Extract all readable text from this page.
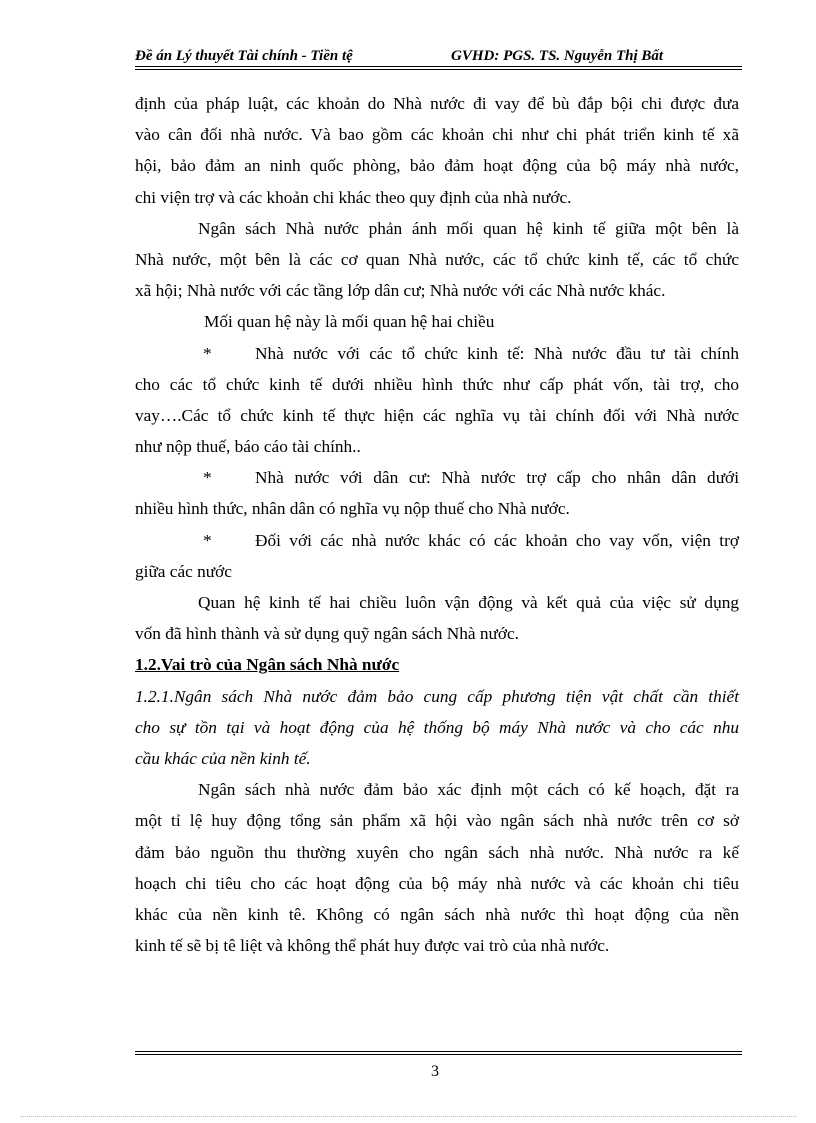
Đề án Lý thuyết Tài chính - Tiền tệ	GVHD: PGS. TS. Nguyễn Thị Bất
định của pháp luật, các khoản do Nhà nước đi vay để bù đắp bội chi được đưa
vào cân đối nhà nước. Và bao gồm các khoản chi như chi phát triển kinh tế xã
hội, bảo đảm an ninh quốc phòng, bảo đảm hoạt động của bộ máy nhà nước,
chi viện trợ và các khoản chi khác theo quy định của nhà nước.
Ngân sách Nhà nước phản ánh mối quan hệ kinh tế giữa một bên là
Nhà nước, một bên là các cơ quan Nhà nước, các tổ chức kinh tế, các tổ chức
xã hội; Nhà nước với các tầng lớp dân cư; Nhà nước với các Nhà nước khác.
Mối quan hệ này là mối quan hệ hai chiều
*	Nhà nước với các tổ chức kinh tế: Nhà nước đầu tư tài chính
cho các tổ chức kinh tế dưới nhiều hình thức như cấp phát vốn, tài trợ, cho
vay….Các tổ chức kinh tế thực hiện các nghĩa vụ tài chính đối với Nhà nước
như nộp thuế, báo cáo tài chính..
*	Nhà nước với dân cư: Nhà nước trợ cấp cho nhân dân dưới
nhiều hình thức, nhân dân có nghĩa vụ nộp thuế cho Nhà nước.
*	Đối với các nhà nước khác có các khoản cho vay vốn, viện trợ
giữa các nước
Quan hệ kinh tế hai chiều luôn vận động và kết quả của việc sử dụng
vốn đã hình thành và sử dụng quỹ ngân sách Nhà nước.
1.2.Vai trò của Ngân sách Nhà nước
1.2.1.Ngân sách Nhà nước đảm bảo cung cấp phương tiện vật chất cần thiết
cho sự tồn tại và hoạt động của hệ thống bộ máy Nhà nước và cho các nhu
cầu khác của nền kinh tế.
Ngân sách nhà nước đảm bảo xác định một cách có kế hoạch, đặt ra
một tỉ lệ huy động tổng sản phẩm xã hội vào ngân sách nhà nước trên cơ sở
đảm bảo nguồn thu thường xuyên cho ngân sách nhà nước. Nhà nước ra kế
hoạch chi tiêu cho các hoạt động của bộ máy nhà nước và các khoản chi tiêu
khác của nền kinh tê. Không có ngân sách nhà nước thì hoạt động của nền
kinh tế sẽ bị tê liệt và không thể phát huy được vai trò của nhà nước.
3
